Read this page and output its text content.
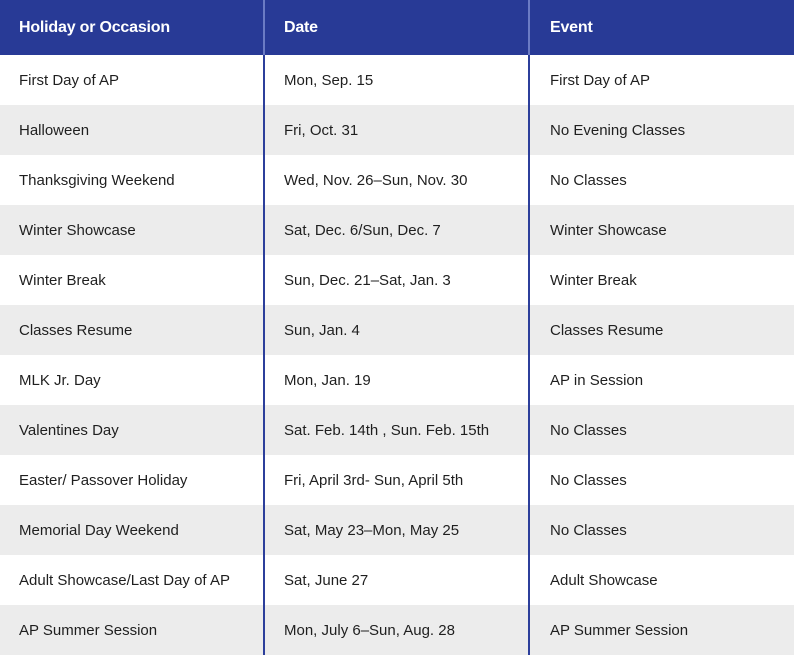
Holiday or Occasion	Date	Event
First Day of AP	Mon, Sep. 15	First Day of AP
Halloween	Fri, Oct. 31	No Evening Classes
Thanksgiving Weekend	Wed, Nov. 26–Sun, Nov. 30	No Classes
Winter Showcase	Sat, Dec. 6/Sun, Dec. 7	Winter Showcase
Winter Break	Sun, Dec. 21–Sat, Jan. 3	Winter Break
Classes Resume	Sun, Jan. 4	Classes Resume
MLK Jr. Day	Mon, Jan. 19	AP in Session
Valentines Day	Sat. Feb. 14th , Sun. Feb. 15th	No Classes
Easter/ Passover Holiday	Fri, April 3rd- Sun, April 5th	No Classes
Memorial Day Weekend	Sat, May 23–Mon, May 25	No Classes
Adult Showcase/Last Day of AP	Sat, June 27	Adult Showcase
AP Summer Session	Mon, July 6–Sun, Aug. 28	AP Summer Session
